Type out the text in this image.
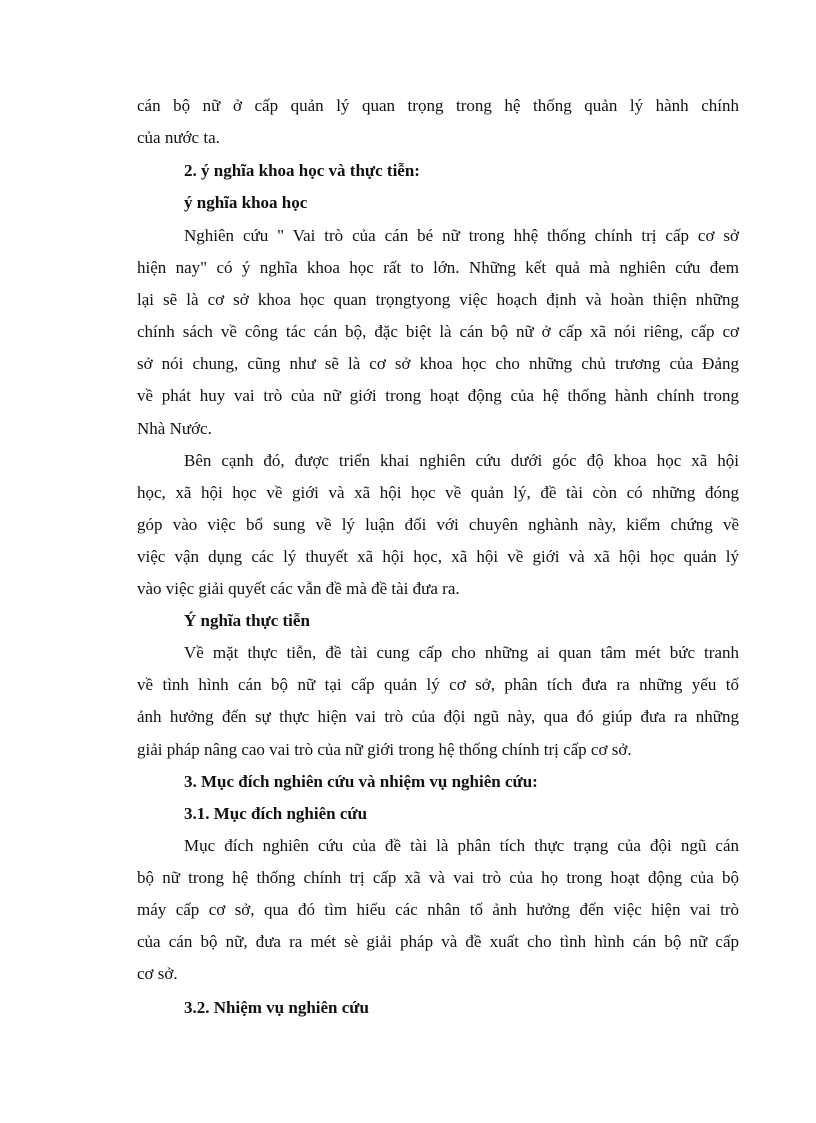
cán bộ nữ ở cấp quản lý quan trọng trong hệ thống quản lý hành chính
của nước ta.
2. ý nghĩa khoa học và thực tiễn:
ý nghĩa khoa học
Nghiên cứu " Vai trò của cán bé nữ trong hhệ thống chính trị cấp cơ sở
hiện nay" có ý nghĩa khoa học rất to lớn. Những kết quả mà nghiên cứu đem
lại sẽ là cơ sở khoa học quan trọngtyong việc hoạch định và hoàn thiện những
chính sách về công tác cán bộ, đặc biệt là cán bộ nữ ở cấp xã nói riêng, cấp cơ
sở nói chung, cũng như sẽ là cơ sở khoa học cho những chủ trương của Đảng
về phát huy vai trò của nữ giới trong hoạt động của hệ thống hành chính trong
Nhà Nước.
Bên cạnh đó, được triển khai nghiên cứu dưới góc độ khoa học xã hội
học, xã hội học về giới và xã hội học về quản lý, đề tài còn có những đóng
góp vào việc bổ sung về lý luận đối với chuyên nghành này, kiểm chứng về
việc vận dụng các lý thuyết xã hội học, xã hội về giới và xã hội học quản lý
vào việc giải quyết các vẫn đề mà đề tài đưa ra.
Ý nghĩa thực tiễn
Về mặt thực tiễn, đề tài cung cấp cho những ai quan tâm mét bức tranh
về tình hình cán bộ nữ tại cấp quản lý cơ sở, phân tích đưa ra những yếu tố
ảnh hưởng đến sự thực hiện vai trò của đội ngũ này, qua đó giúp đưa ra những
giải pháp nâng cao vai trò của nữ giới trong hệ thống chính trị cấp cơ sở.
3. Mục đích nghiên cứu và nhiệm vụ nghiên cứu:
3.1. Mục đích nghiên cứu
Mục đích nghiên cứu của đề tài là phân tích thực trạng của đội ngũ cán
bộ nữ trong hệ thống chính trị cấp xã và vai trò của họ trong hoạt động của bộ
máy cấp cơ sở, qua đó tìm hiểu các nhân tố ảnh hưởng đến việc hiện vai trò
của cán bộ nữ, đưa ra mét sè giải pháp và đề xuất cho tình hình cán bộ nữ cấp
cơ sở.
3.2. Nhiệm vụ nghiên cứu
